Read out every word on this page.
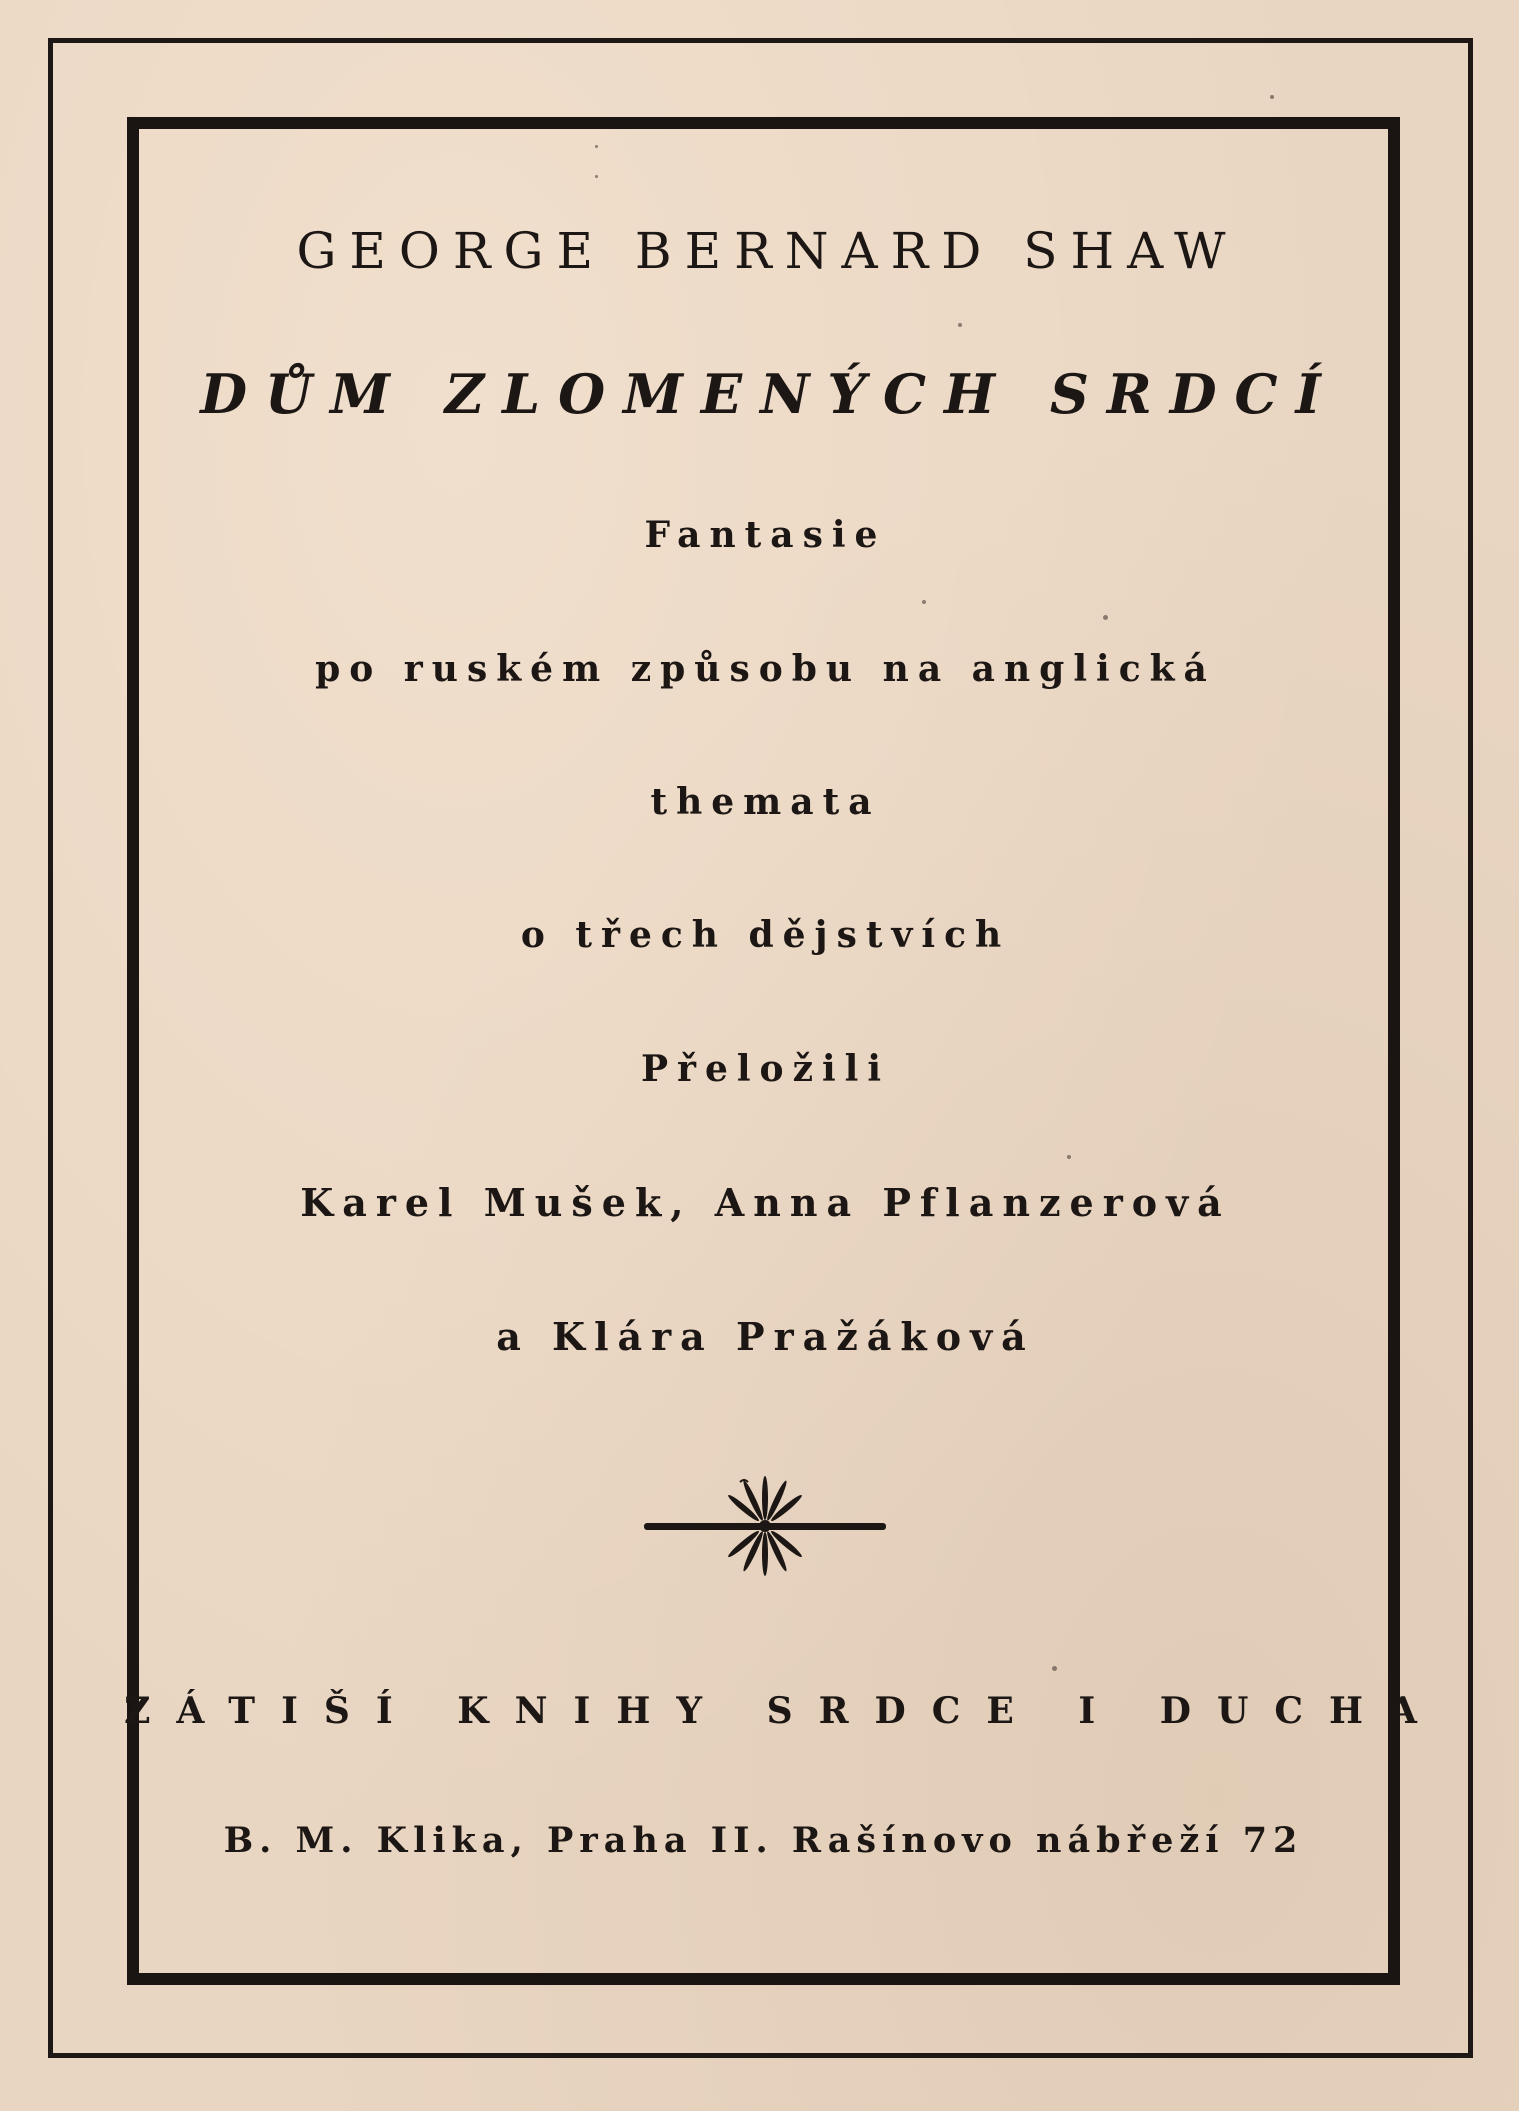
GEORGE BERNARD SHAW
DŮM ZLOMENÝCH SRDCÍ

Fantasie

po ruském způsobu na anglická

themata

o třech dějstvích

Přeložili

Karel Mušek, Anna Pflanzerová

a Klára Pražáková

ZÁTIŠÍ KNIHY SRDCE I DUCHA

B. M. Klika, Praha II. Rašínovo nábřeží 72
